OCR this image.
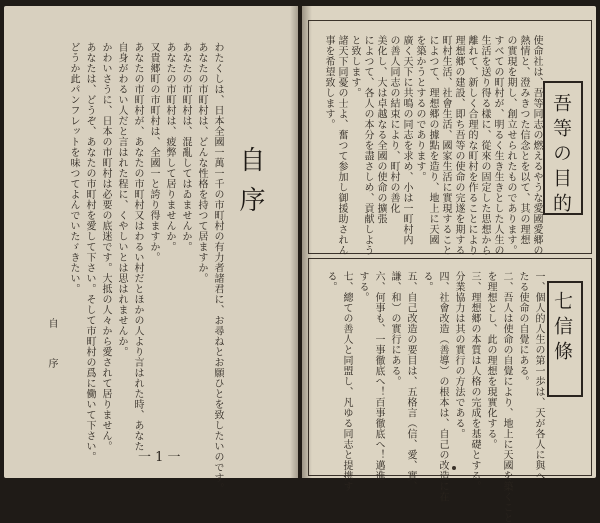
自序
わたくしは、日本全國一萬一千の市町村の有力者諸君に、お尋ねとお願ひとを致したいのです。
あなたの市町村は、どんな性格を持つて居ますか。
あなたの市町村は、混亂してはゐませんか。
あなたの市町村は、疲弊して居りませんか。
又貴郷町の市町村は、全國一と誇り得ますか。
あなたの市町村が、あなたの市町村又はわるい村だとほかの人より言はれた時、あなた
自身がわるい人だと言はれた程に、くやしいとは思はれませんか。
かわいさうに、日本の市町村は必要の底迷です。大抵の人々から愛されて居りません。
あなたは、どうぞ、あなたの市町村を愛して下さい。そして市町村の爲に働いて下さい。
どうか此パンフレットを味つてよんでいたゞきたい。
自序
一 1 一
吾等の目的
使命社は、吾等同志の燃えるやうな愛國愛郷の
熱情と、澄みきつた信念とを以て、其の理想
の實現を期し、創立せられたものであります。
すべての町村が、明るく生き生きとした人生の
生活を送り得る樣に、從來の固定した思想から
離れて、新しく合理的な町村を作ることにより
理想郷の建設、即ち吾等の使命の完遂を期する
町村生活、社會生活、國家生活に實現すること
によつて、理想郷の據點を造り、地上に天國
を築かうとするのであります。
廣く天下に共鳴の同志を求め、小は一町村内
の善人同志の結束により、町村の善化
美化し、大は卓越なる全國の使命の擴張
によつて、各人の本分を盡さしめ、貢献しよう
と致します。
諸天下同憂の士よ、奮つて参加し御援助されん
事を希望致します。
七信條
一、個人的人生の第一歩は、天が各人に與へ
たる使命の自覺にある。
二、吾人は使命の自覺により、地上に天國を築くこと
を理想とし、此の理想を現實化する。
三、理想郷の本質は人格の完成を基礎とする。
分業協力は其の實行の方法である。
四、社會改造（善導）の根本は、自己の改造に在
る。
五、自己改造の要目は、五格言（信、愛、實、
謙、和）の實行にある。
六、何事も、一事徹底へ！百事徹底へ！邁進
する。
七、總ての善人と同盟し、凡ゆる同志と提携す
る。
